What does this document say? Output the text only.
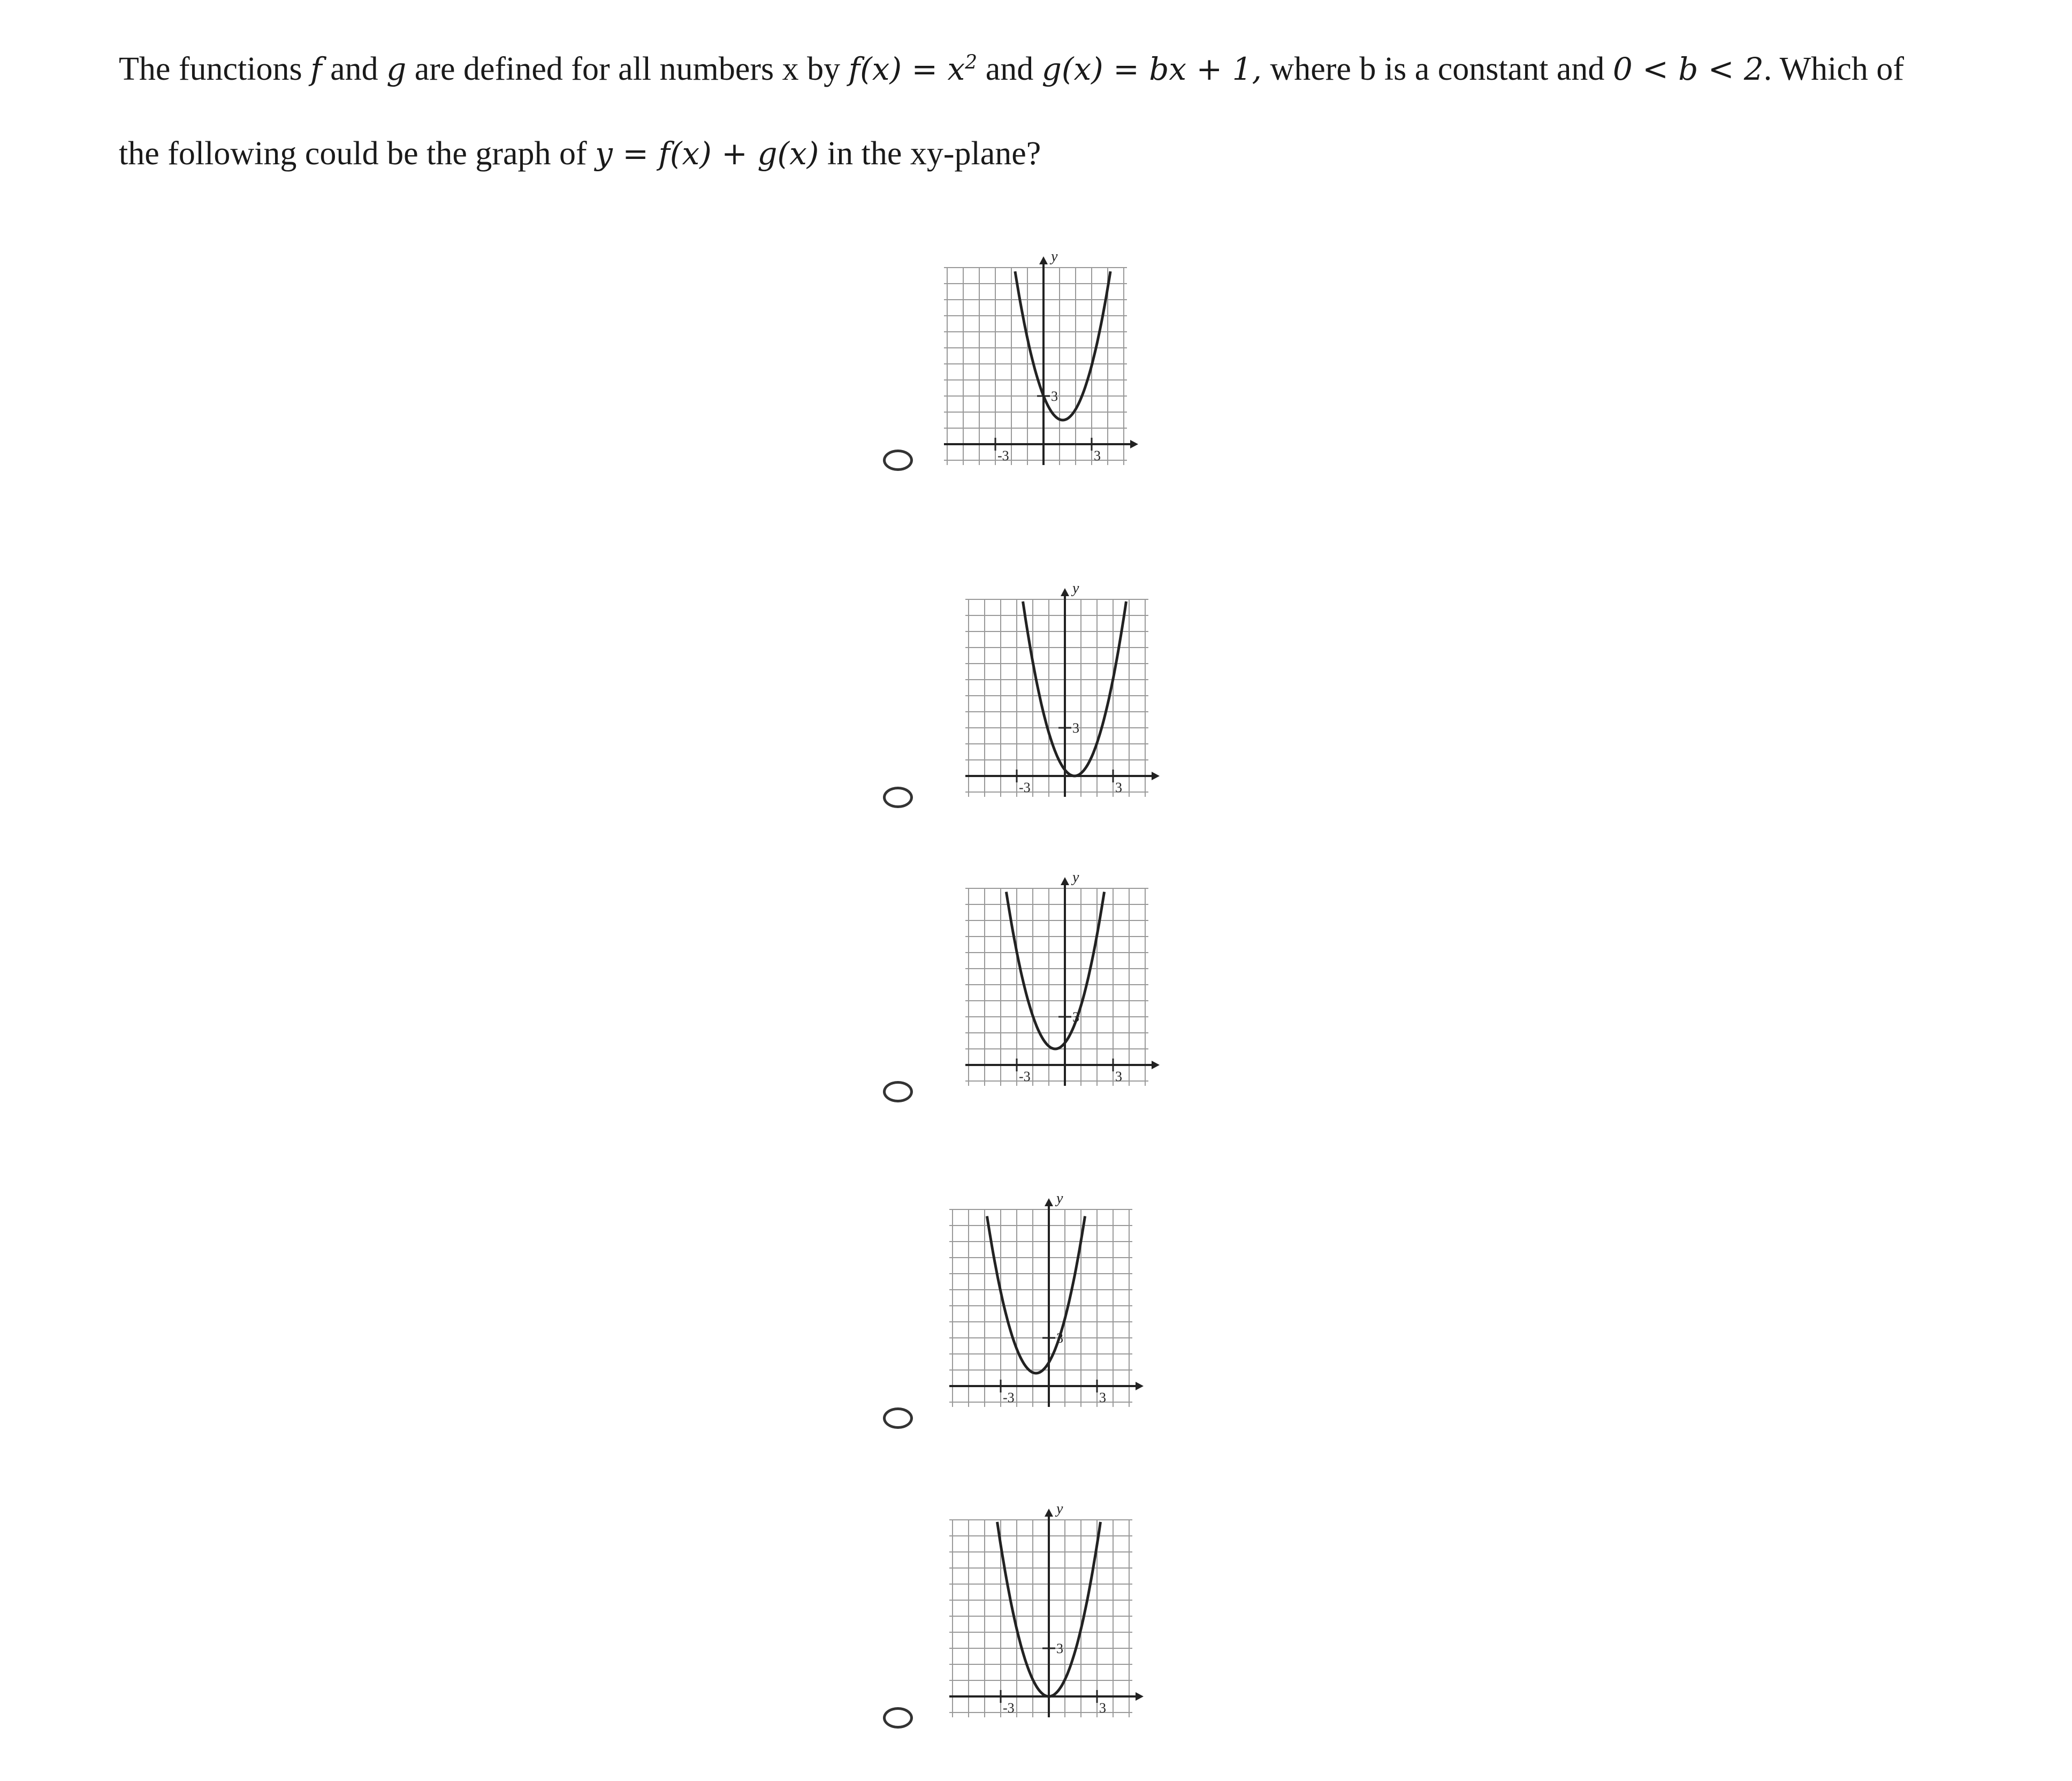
The functions f and g are defined for all numbers x by $f(x) = x^2$ and g(x) = bx + 1, where b is a constant and 0 < b < 2. Which of
the following could be the graph of y = f(x) + g(x) in the xy-plane?

-3	3
3
y
-3	3
3
y
-3	3
3
y
-3	3
3
y
-3	3
3
y
